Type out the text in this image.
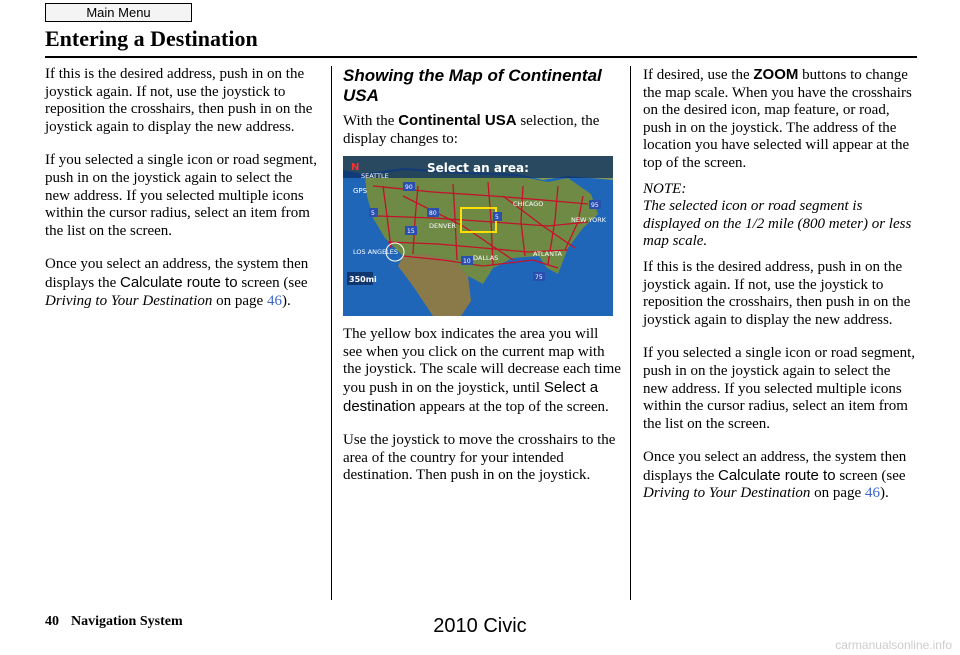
Main Menu
Entering a Destination

If this is the desired address, push in on the joystick again. If not, use the joystick to reposition the crosshairs, then push in on the joystick again to display the new address.

If you selected a single icon or road segment, push in on the joystick again to select the new address. If you selected multiple icons within the cursor radius, select an item from the list on the screen.

Once you select an address, the system then displays the Calculate route to screen (see Driving to Your Destination on page 46).

Showing the Map of Continental USA

With the Continental USA selection, the display changes to:

Select an area:
N
GPS
SEATTLE
DENVER
CHICAGO
NEW YORK
LOS ANGELES
DALLAS	ATLANTA
90
5	80
15
10
95
75
5
350mi

The yellow box indicates the area you will see when you click on the current map with the joystick. The scale will decrease each time you push in on the joystick, until Select a destination appears at the top of the screen.

Use the joystick to move the crosshairs to the area of the country for your intended destination. Then push in on the joystick.

If desired, use the ZOOM buttons to change the map scale. When you have the crosshairs on the desired icon, map feature, or road, push in on the joystick. The address of the location you have selected will appear at the top of the screen.

NOTE:

The selected icon or road segment is displayed on the 1/2 mile (800 meter) or less map scale.

If this is the desired address, push in on the joystick again. If not, use the joystick to reposition the crosshairs, then push in on the joystick again to display the new address.

If you selected a single icon or road segment, push in on the joystick again to select the new address. If you selected multiple icons within the cursor radius, select an item from the list on the screen.

Once you select an address, the system then displays the Calculate route to screen (see Driving to Your Destination on page 46).

40 Navigation System	2010 Civic
carmanualsonline.info
